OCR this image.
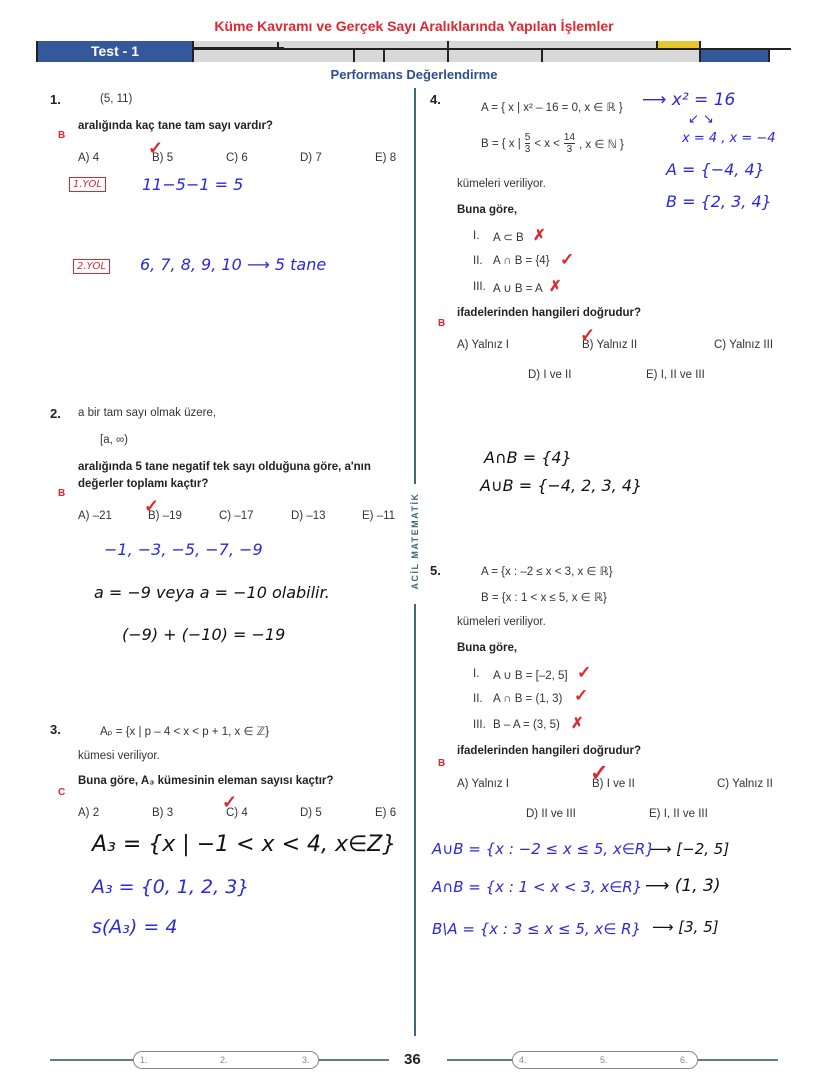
Küme Kavramı ve Gerçek Sayı Aralıklarında Yapılan İşlemler
Test - 1
Performans Değerlendirme
ACİL MATEMATİK
1.	(5, 11)
aralığında kaç tane tam sayı vardır?
B
A) 4	B) 5
✓	C) 6	D) 7	E) 8
1.YOL	11−5−1 = 5
2.YOL 6, 7, 8, 9, 10 ⟶ 5 tane
2. a bir tam sayı olmak üzere,
[a, ∞)
aralığında 5 tane negatif tek sayı olduğuna göre, a'nın değerler toplamı kaçtır?
B
A) –21	B) –19
✓	C) –17	D) –13	E) –11
−1, −3, −5, −7, −9
a = −9 veya a = −10 olabilir.
(−9) + (−10) = −19
3.	Aₚ = {x | p – 4 < x < p + 1, x ∈ ℤ}
kümesi veriliyor.
Buna göre, A₃ kümesinin eleman sayısı kaçtır?
C
A) 2	B) 3	C) 4
✓
D) 5	E) 6
A₃ = {x | −1 < x < 4, x∈Z}
A₃ = {0, 1, 2, 3}
s(A₃) = 4
4.
A = { x | x² – 16 = 0, x ∈ ℝ }
B = { x | $\frac{5}{3} < x < \frac{14}{3}$ , x ∈ ℕ }
kümeleri veriliyor.
Buna göre,
I. A ⊂ B ✗
II. A ∩ B = {4} ✓
III. A ∪ B = A ✗
ifadelerinden hangileri doğrudur?
B
A) Yalnız I	B) Yalnız II
✓	C) Yalnız III
D) I ve II	E) I, II ve III
⟶ x² = 16
↙ ↘
x = 4 , x = −4
A = {−4, 4}
B = {2, 3, 4}
A∩B = {4}
A∪B = {−4, 2, 3, 4}
5.	A = {x : –2 ≤ x < 3, x ∈ ℝ}
B = {x : 1 < x ≤ 5, x ∈ ℝ}
kümeleri veriliyor.
Buna göre,
I. A ∪ B = [–2, 5] ✓
II. A ∩ B = (1, 3) ✓
III. B – A = (3, 5) ✗
ifadelerinden hangileri doğrudur?
B
A) Yalnız I	B) I ve II
✓	C) Yalnız II
D) II ve III	E) I, II ve III
A∪B = {x : −2 ≤ x ≤ 5, x∈R}
⟶ [−2, 5]
A∩B = {x : 1 < x < 3, x∈R} ⟶ (1, 3)
B\A = {x : 3 ≤ x ≤ 5, x∈ R} ⟶ [3, 5]
1.	2.	3.	36	4.	5.	6.
